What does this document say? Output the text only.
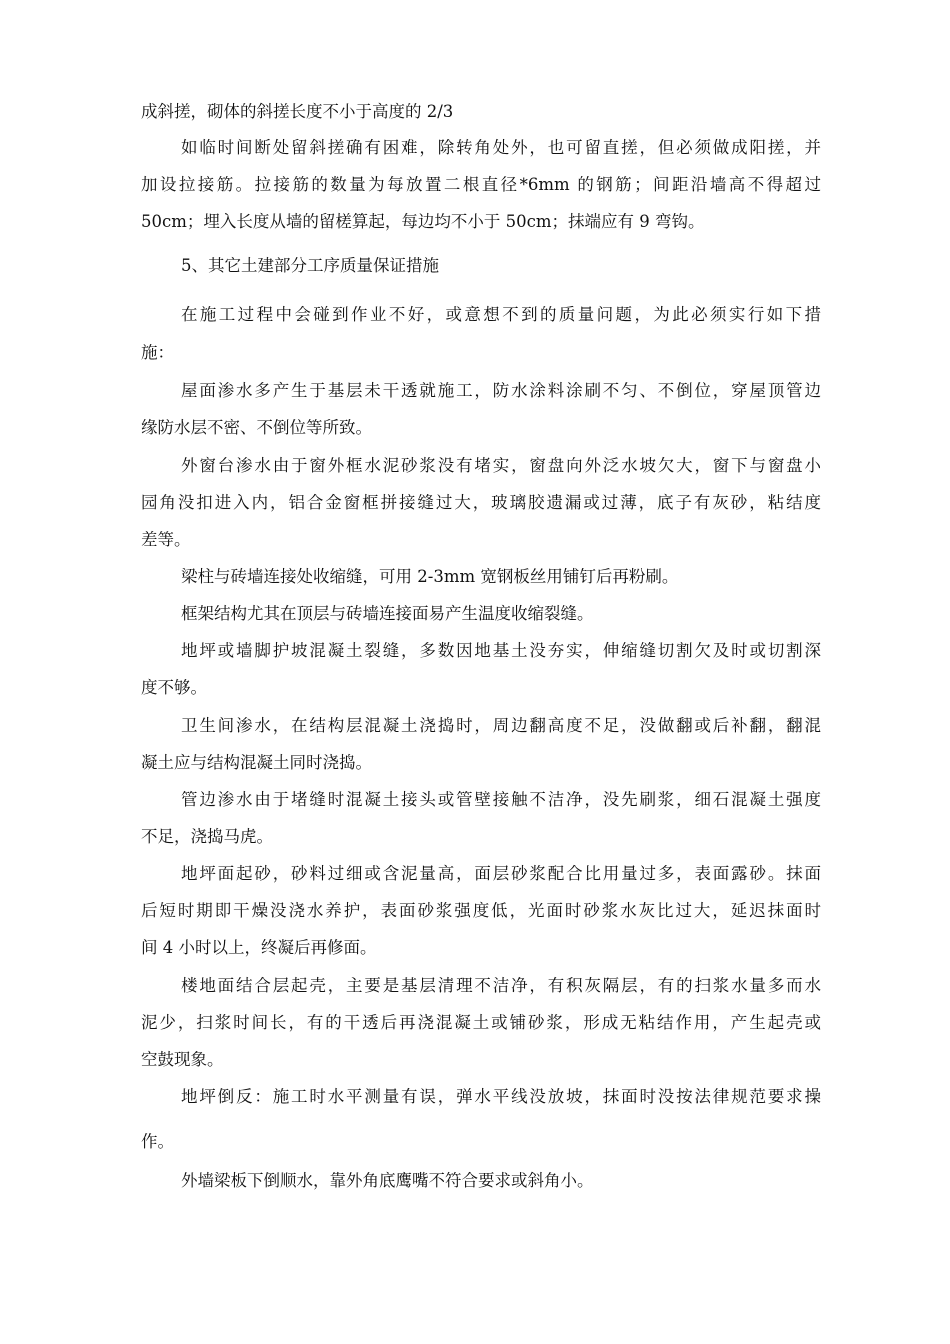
成斜搓，砌体的斜搓长度不小于高度的 2/3
如临时间断处留斜搓确有困难，除转角处外，也可留直搓，但必须做成阳搓，并
加设拉接筋。拉接筋的数量为每放置二根直径*6mm 的钢筋；间距沿墙高不得超过
50cm；埋入长度从墙的留槎算起，每边均不小于 50cm；抹端应有 9 弯钩。
5、其它土建部分工序质量保证措施
在施工过程中会碰到作业不好，或意想不到的质量问题，为此必须实行如下措
施：
屋面渗水多产生于基层未干透就施工，防水涂料涂刷不匀、不倒位，穿屋顶管边
缘防水层不密、不倒位等所致。
外窗台渗水由于窗外框水泥砂浆没有堵实，窗盘向外泛水坡欠大，窗下与窗盘小
园角没扣进入内，铝合金窗框拼接缝过大，玻璃胶遗漏或过薄，底子有灰砂，粘结度
差等。
梁柱与砖墙连接处收缩缝，可用 2-3mm 宽钢板丝用铺钉后再粉刷。
框架结构尤其在顶层与砖墙连接面易产生温度收缩裂缝。
地坪或墙脚护坡混凝土裂缝，多数因地基土没夯实，伸缩缝切割欠及时或切割深
度不够。
卫生间渗水，在结构层混凝土浇捣时，周边翻高度不足，没做翻或后补翻，翻混
凝土应与结构混凝土同时浇捣。
管边渗水由于堵缝时混凝土接头或管壁接触不洁净，没先刷浆，细石混凝土强度
不足，浇捣马虎。
地坪面起砂，砂料过细或含泥量高，面层砂浆配合比用量过多，表面露砂。抹面
后短时期即干燥没浇水养护，表面砂浆强度低，光面时砂浆水灰比过大，延迟抹面时
间 4 小时以上，终凝后再修面。
楼地面结合层起壳，主要是基层清理不洁净，有积灰隔层，有的扫浆水量多而水
泥少，扫浆时间长，有的干透后再浇混凝土或铺砂浆，形成无粘结作用，产生起壳或
空鼓现象。
地坪倒反：施工时水平测量有误，弹水平线没放坡，抹面时没按法律规范要求操
作。
外墙梁板下倒顺水，靠外角底鹰嘴不符合要求或斜角小。
